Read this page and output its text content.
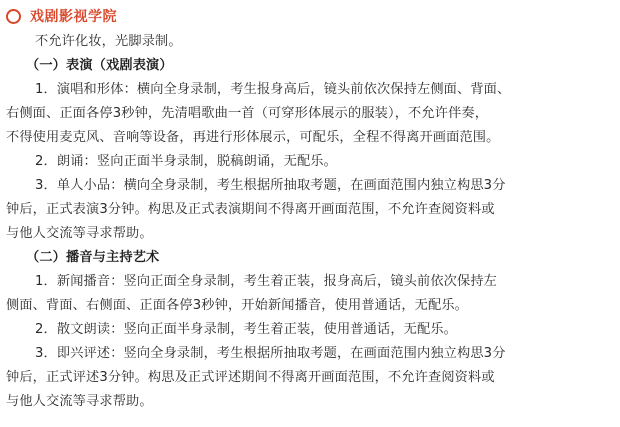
戏剧影视学院
不允许化妆，光脚录制。
（一）表演（戏剧表演）
1．演唱和形体：横向全身录制，考生报身高后，镜头前依次保持左侧面、背面、
右侧面、正面各停3秒钟，先清唱歌曲一首（可穿形体展示的服装），不允许伴奏，
不得使用麦克风、音响等设备，再进行形体展示，可配乐，全程不得离开画面范围。
2．朗诵：竖向正面半身录制，脱稿朗诵，无配乐。
3．单人小品：横向全身录制，考生根据所抽取考题，在画面范围内独立构思3分
钟后，正式表演3分钟。构思及正式表演期间不得离开画面范围，不允许查阅资料或
与他人交流等寻求帮助。
（二）播音与主持艺术
1．新闻播音：竖向正面全身录制，考生着正装，报身高后，镜头前依次保持左
侧面、背面、右侧面、正面各停3秒钟，开始新闻播音，使用普通话，无配乐。
2．散文朗读：竖向正面半身录制，考生着正装，使用普通话，无配乐。
3．即兴评述：竖向全身录制，考生根据所抽取考题，在画面范围内独立构思3分
钟后，正式评述3分钟。构思及正式评述期间不得离开画面范围，不允许查阅资料或
与他人交流等寻求帮助。
